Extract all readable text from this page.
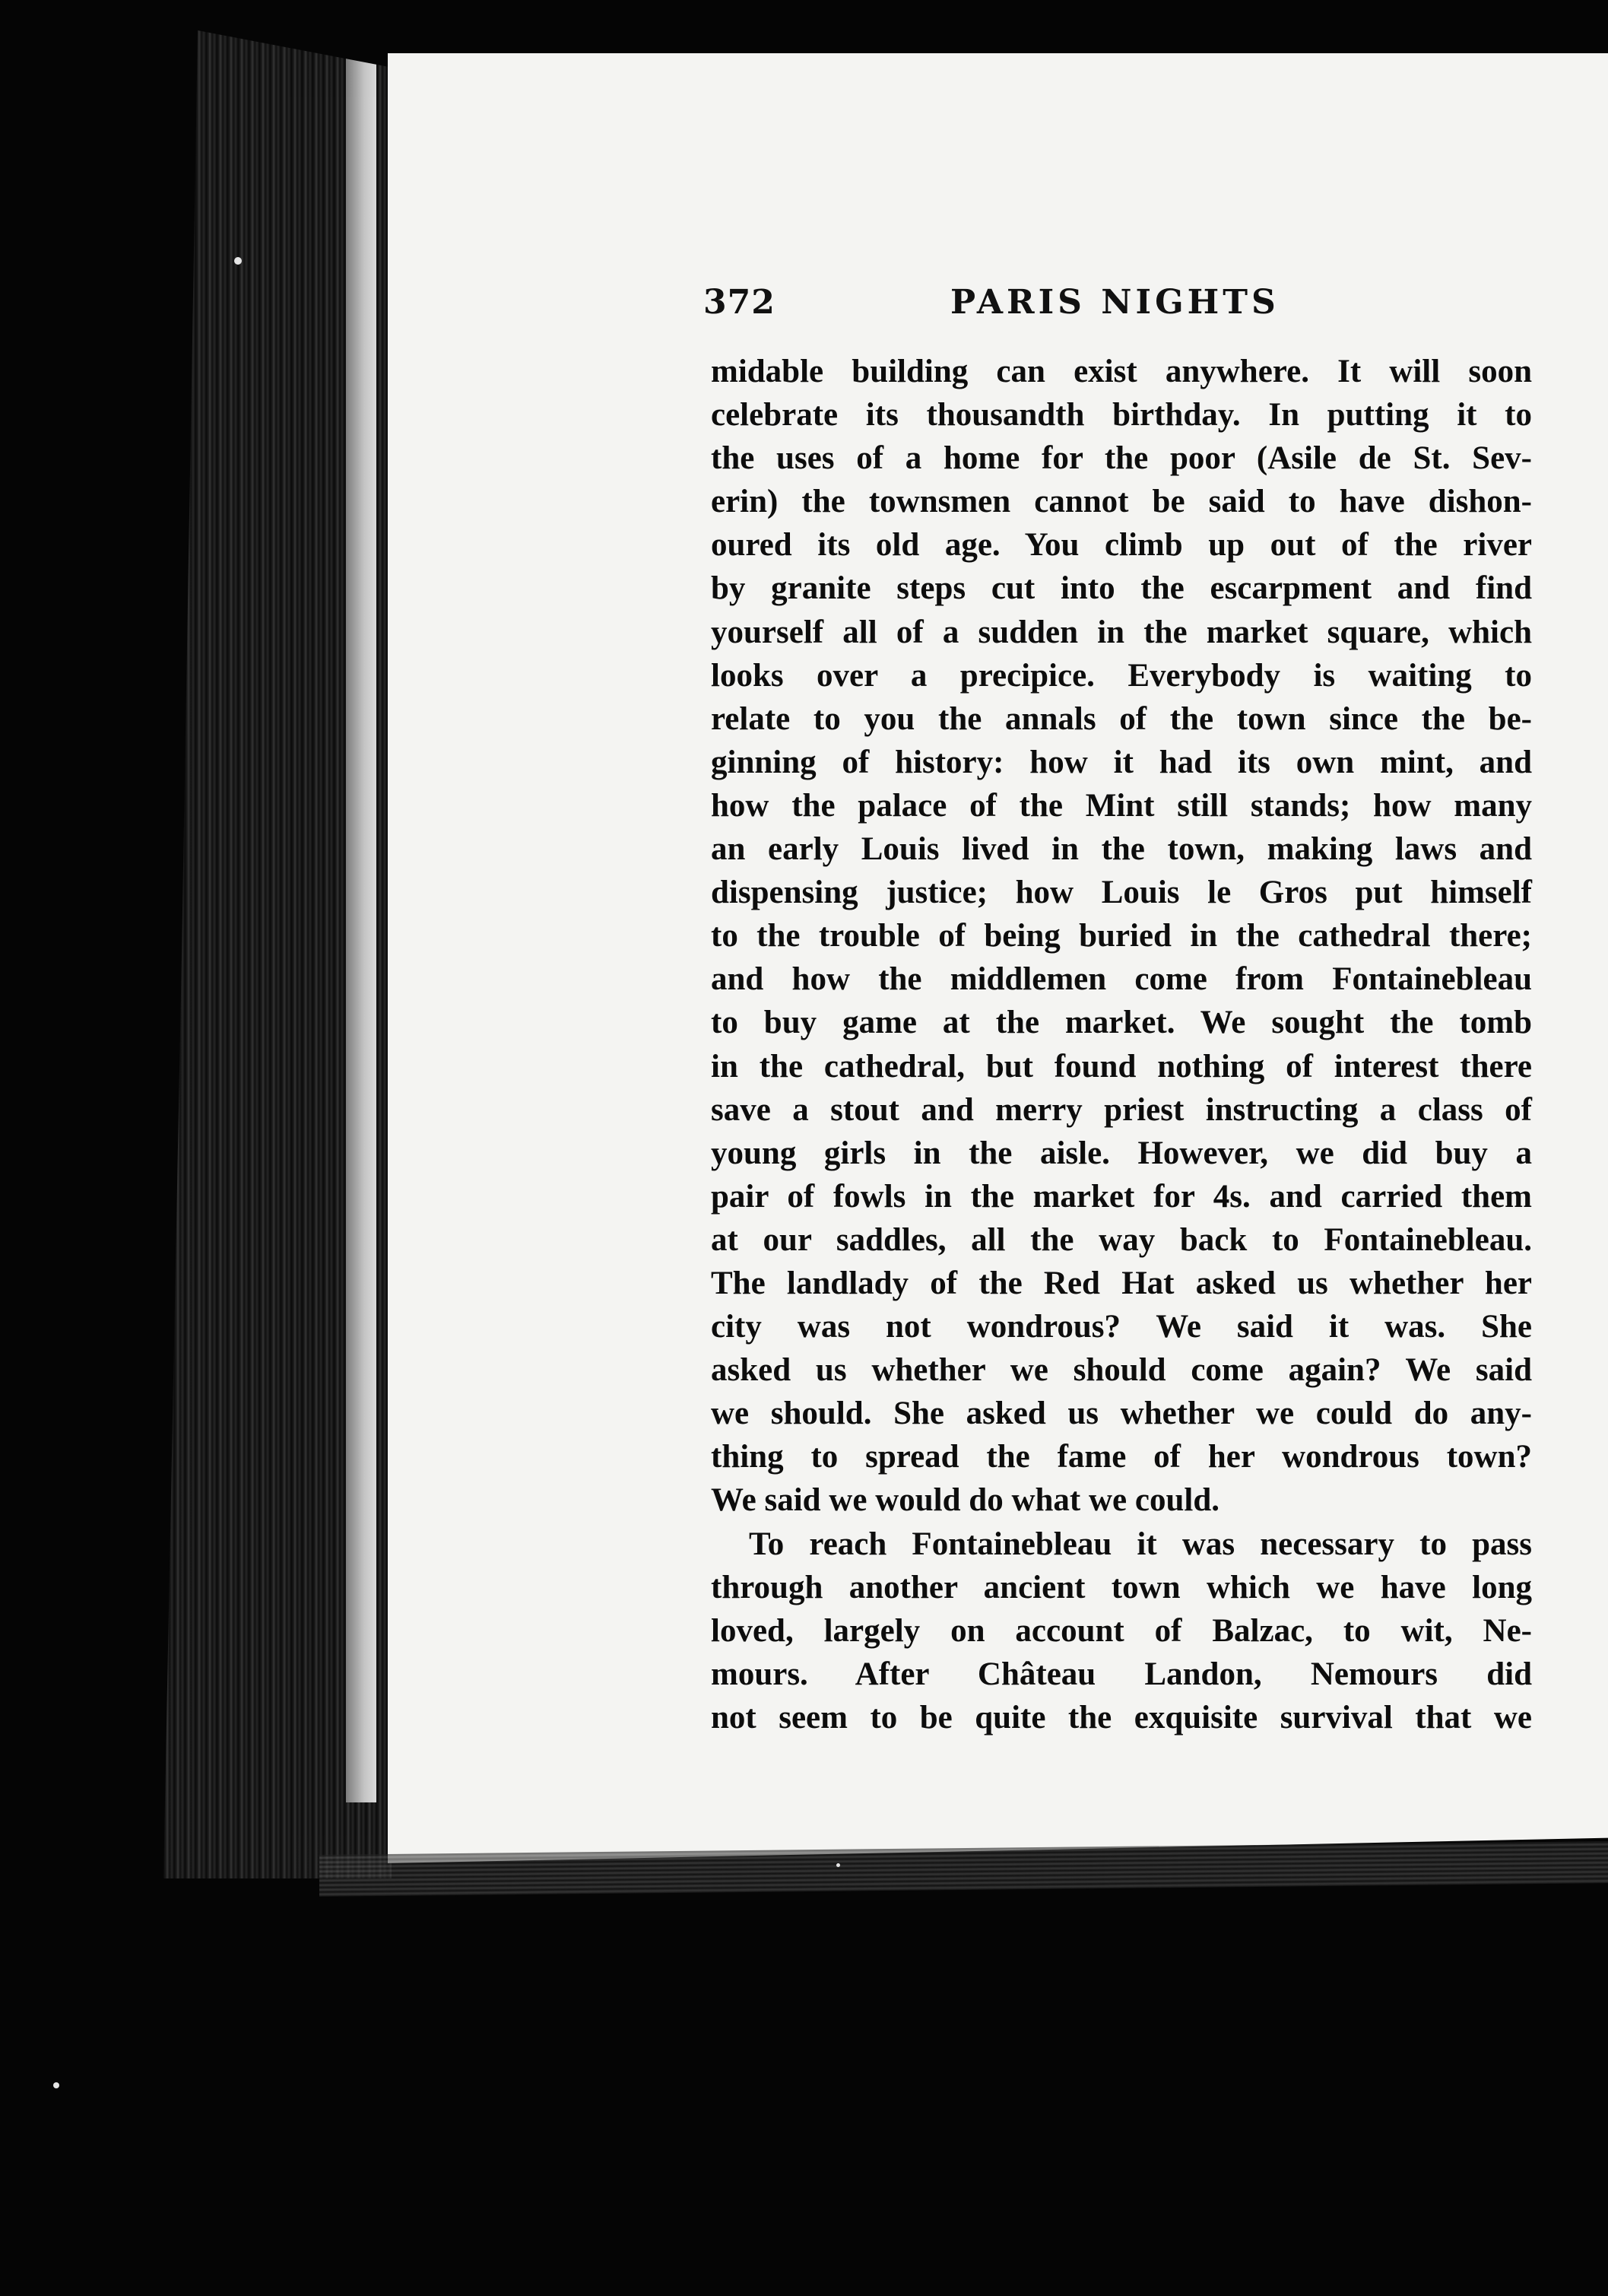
372	PARIS NIGHTS
midable building can exist anywhere. It will soon
celebrate its thousandth birthday. In putting it to
the uses of a home for the poor (Asile de St. Sev-
erin) the townsmen cannot be said to have dishon-
oured its old age. You climb up out of the river
by granite steps cut into the escarpment and find
yourself all of a sudden in the market square, which
looks over a precipice. Everybody is waiting to
relate to you the annals of the town since the be-
ginning of history: how it had its own mint, and
how the palace of the Mint still stands; how many
an early Louis lived in the town, making laws and
dispensing justice; how Louis le Gros put himself
to the trouble of being buried in the cathedral there;
and how the middlemen come from Fontainebleau
to buy game at the market. We sought the tomb
in the cathedral, but found nothing of interest there
save a stout and merry priest instructing a class of
young girls in the aisle. However, we did buy a
pair of fowls in the market for 4s. and carried them
at our saddles, all the way back to Fontainebleau.
The landlady of the Red Hat asked us whether her
city was not wondrous? We said it was. She
asked us whether we should come again? We said
we should. She asked us whether we could do any-
thing to spread the fame of her wondrous town?
We said we would do what we could.
To reach Fontainebleau it was necessary to pass
through another ancient town which we have long
loved, largely on account of Balzac, to wit, Ne-
mours. After Château Landon, Nemours did
not seem to be quite the exquisite survival that we
